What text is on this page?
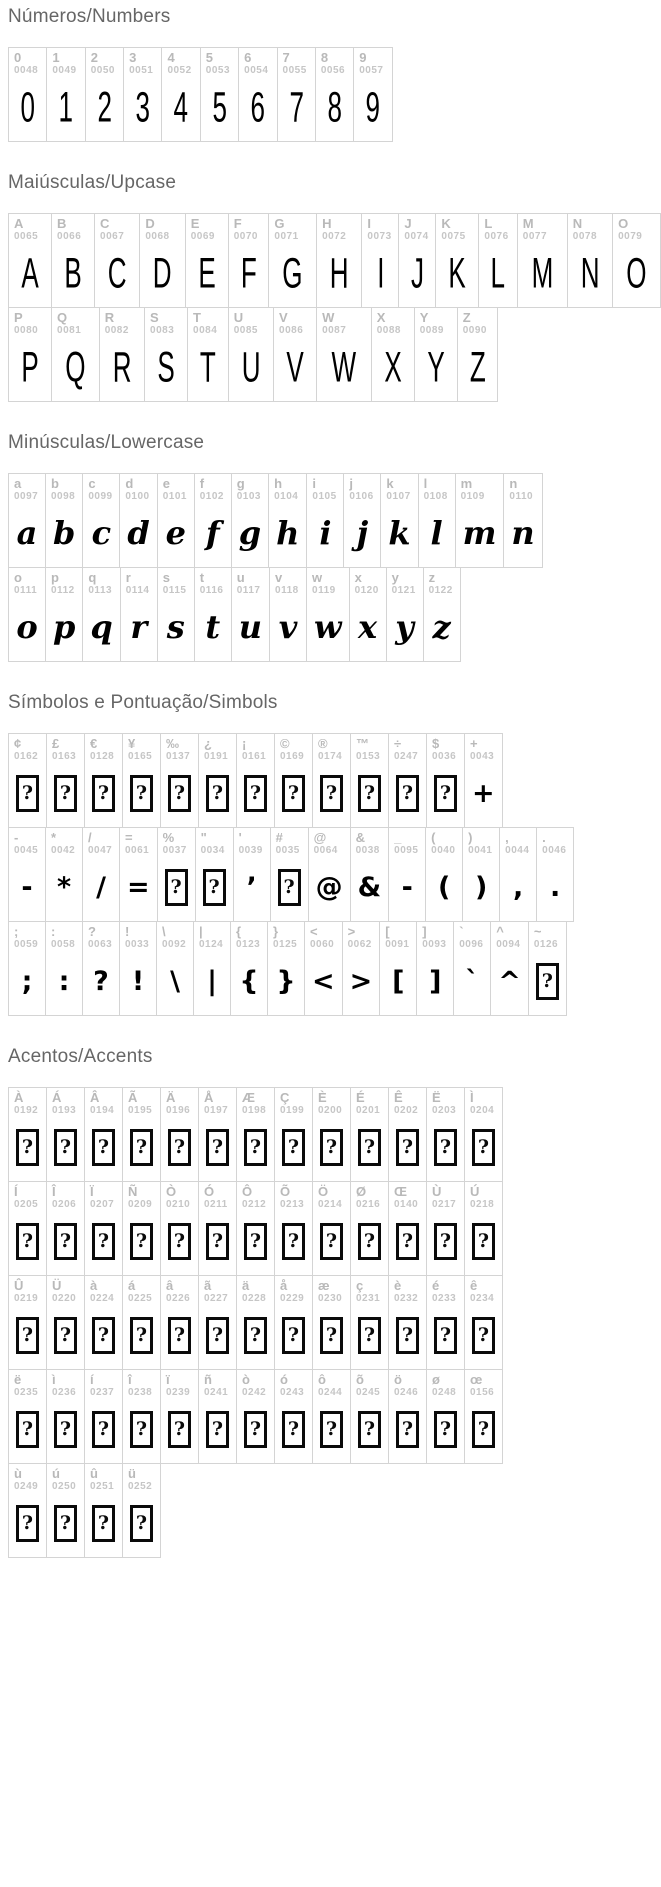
Números/Numbers
0
0048
0
1
0049
1
2
0050
2
3
0051
3
4
0052
4
5
0053
5
6
0054
6
7
0055
7
8
0056
8
9
0057
9
Maiúsculas/Upcase
A
0065
A
B
0066
B
C
0067
C
D
0068
D
E
0069
E
F
0070
F
G
0071
G
H
0072
H
I
0073
I
J
0074
J
K
0075
K
L
0076
L
M
0077
M
N
0078
N
O
0079
O
P
0080
P
Q
0081
Q
R
0082
R
S
0083
S
T
0084
T
U
0085
U
V
0086
V
W
0087
W
X
0088
X
Y
0089
Y
Z
0090
Z
Minúsculas/Lowercase
a
0097
a
b
0098
b
c
0099
c
d
0100
d
e
0101
e
f
0102
f
g
0103
g
h
0104
h
i
0105
i
j
0106
j
k
0107
k
l
0108
l
m
0109
m
n
0110
n
o
0111
o
p
0112
p
q
0113
q
r
0114
r
s
0115
s
t
0116
t
u
0117
u
v
0118
v
w
0119
w
x
0120
x
y
0121
y
z
0122
z
Símbolos e Pontuação/Simbols
¢
0162
?
£
0163
?
€
0128
?
¥
0165
?
‰
0137
?
¿
0191
?
¡
0161
?
©
0169
?
®
0174
?
™
0153
?
÷
0247
?
$
0036
?
+
0043
+
-
0045
-
*
0042
*
/
0047
/
=
0061
=
%
0037
?
"
0034
?
'
0039
’
#
0035
?
@
0064
@
&
0038
&
_
0095
-
(
0040
(
)
0041
)
,
0044
,
.
0046
.
;
0059
;
:
0058
:
?
0063
?
!
0033
!
\
0092
\
|
0124
|
{
0123
{
}
0125
}
<
0060
<
>
0062
>
[
0091
[
]
0093
]
`
0096
`
^
0094
^
~
0126
?
Acentos/Accents
À
0192
?
Á
0193
?
Â
0194
?
Ã
0195
?
Ä
0196
?
Å
0197
?
Æ
0198
?
Ç
0199
?
È
0200
?
É
0201
?
Ê
0202
?
Ë
0203
?
Ì
0204
?
Í
0205
?
Î
0206
?
Ï
0207
?
Ñ
0209
?
Ò
0210
?
Ó
0211
?
Ô
0212
?
Õ
0213
?
Ö
0214
?
Ø
0216
?
Œ
0140
?
Ù
0217
?
Ú
0218
?
Û
0219
?
Ü
0220
?
à
0224
?
á
0225
?
â
0226
?
ã
0227
?
ä
0228
?
å
0229
?
æ
0230
?
ç
0231
?
è
0232
?
é
0233
?
ê
0234
?
ë
0235
?
ì
0236
?
í
0237
?
î
0238
?
ï
0239
?
ñ
0241
?
ò
0242
?
ó
0243
?
ô
0244
?
õ
0245
?
ö
0246
?
ø
0248
?
œ
0156
?
ù
0249
?
ú
0250
?
û
0251
?
ü
0252
?
